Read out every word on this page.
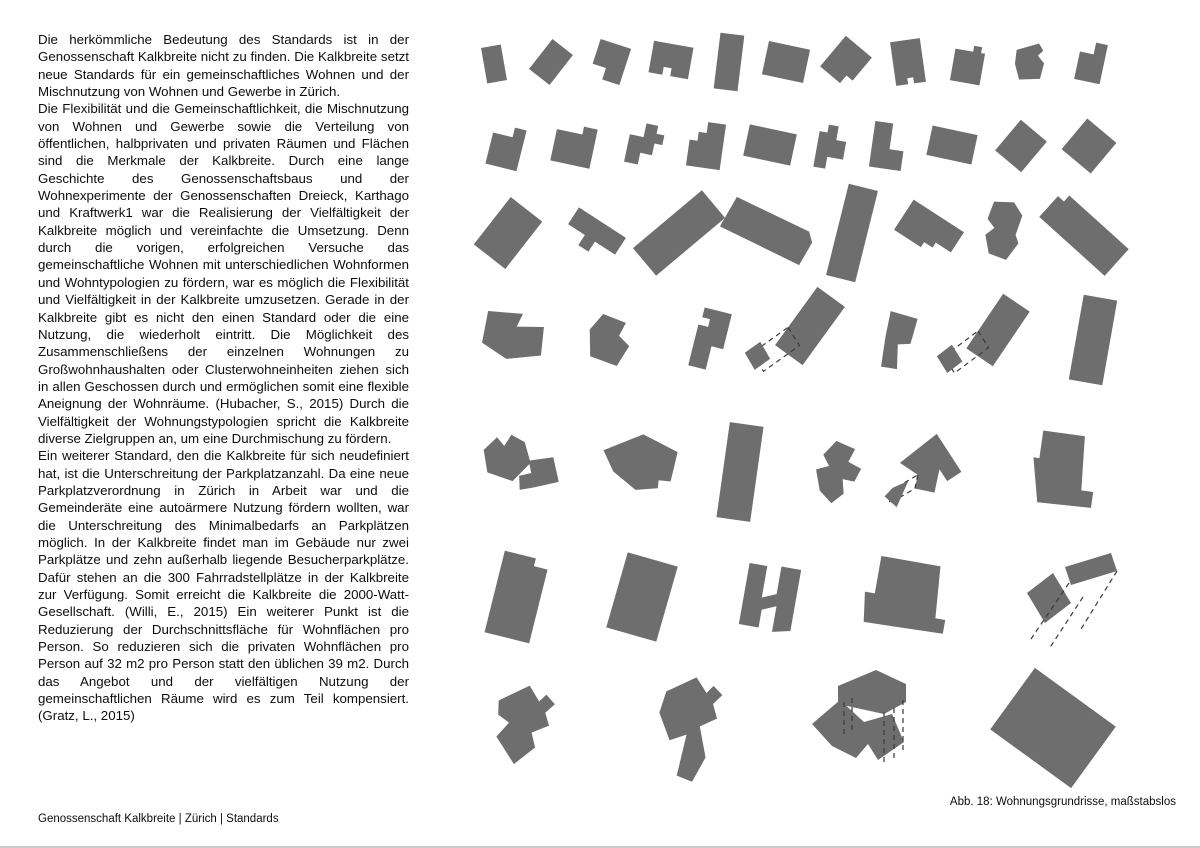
Die herkömmliche Bedeutung des Standards ist in der Genossenschaft Kalkbreite nicht zu finden. Die Kalkbreite setzt neue Standards für ein gemeinschaftliches Wohnen und der Mischnutzung von Wohnen und Gewerbe in Zürich.

Die Flexibilität und die Gemeinschaftlichkeit, die Mischnutzung von Wohnen und Gewerbe sowie die Verteilung von öffentlichen, halbprivaten und privaten Räumen und Flächen sind die Merkmale der Kalkbreite. Durch eine lange Geschichte des Genossenschaftsbaus und der Wohnexperimente der Genossenschaften Dreieck, Karthago und Kraftwerk1 war die Realisierung der Vielfältigkeit der Kalkbreite möglich und vereinfachte die Umsetzung. Denn durch die vorigen, erfolgreichen Versuche das gemeinschaftliche Wohnen mit unterschiedlichen Wohnformen und Wohntypologien zu fördern, war es möglich die Flexibilität und Vielfältigkeit in der Kalkbreite umzusetzen. Gerade in der Kalkbreite gibt es nicht den einen Standard oder die eine Nutzung, die wiederholt eintritt. Die Möglichkeit des Zusammenschließens der einzelnen Wohnungen zu Großwohnhaushalten oder Clusterwohneinheiten ziehen sich in allen Geschossen durch und ermöglichen somit eine flexible Aneignung der Wohnräume. (Hubacher, S., 2015) Durch die Vielfältigkeit der Wohnungstypologien spricht die Kalkbreite diverse Zielgruppen an, um eine Durchmischung zu fördern.

Ein weiterer Standard, den die Kalkbreite für sich neudefiniert hat, ist die Unterschreitung der Parkplatzanzahl. Da eine neue Parkplatzverordnung in Zürich in Arbeit war und die Gemeinderäte eine autoärmere Nutzung fördern wollten, war die Unterschreitung des Minimalbedarfs an Parkplätzen möglich. In der Kalkbreite findet man im Gebäude nur zwei Parkplätze und zehn außerhalb liegende Besucherparkplätze. Dafür stehen an die 300 Fahrradstellplätze in der Kalkbreite zur Verfügung. Somit erreicht die Kalkbreite die 2000-Watt-Gesellschaft. (Willi, E., 2015) Ein weiterer Punkt ist die Reduzierung der Durchschnittsfläche für Wohnflächen pro Person. So reduzieren sich die privaten Wohnflächen pro Person auf 32 m2 pro Person statt den üblichen 39 m2. Durch das Angebot und der vielfältigen Nutzung der gemeinschaftlichen Räume wird es zum Teil kompensiert. (Gratz, L., 2015)

Genossenschaft Kalkbreite | Zürich | Standards
Abb. 18: Wohnungsgrundrisse, maßstabslos
